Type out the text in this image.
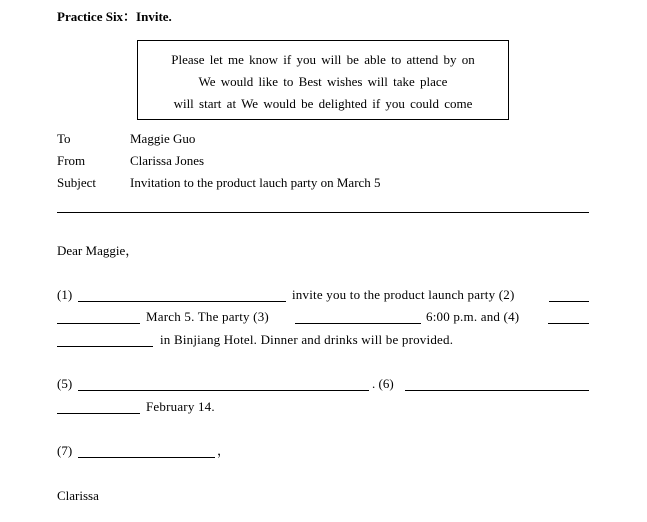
Practice Six：Invite.
Please let me know if you will be able to attend by on
We would like to Best wishes will take place
will start at We would be delighted if you could come
To	Maggie Guo
From	Clarissa Jones
Subject	Invitation to the product lauch party on March 5
Dear Maggie，
(1)	invite you to the product launch party (2)
March 5. The party (3)	6:00 p.m. and (4)
in Binjiang Hotel. Dinner and drinks will be provided.
(5)	. (6)
February 14.
(7)	，
Clarissa
